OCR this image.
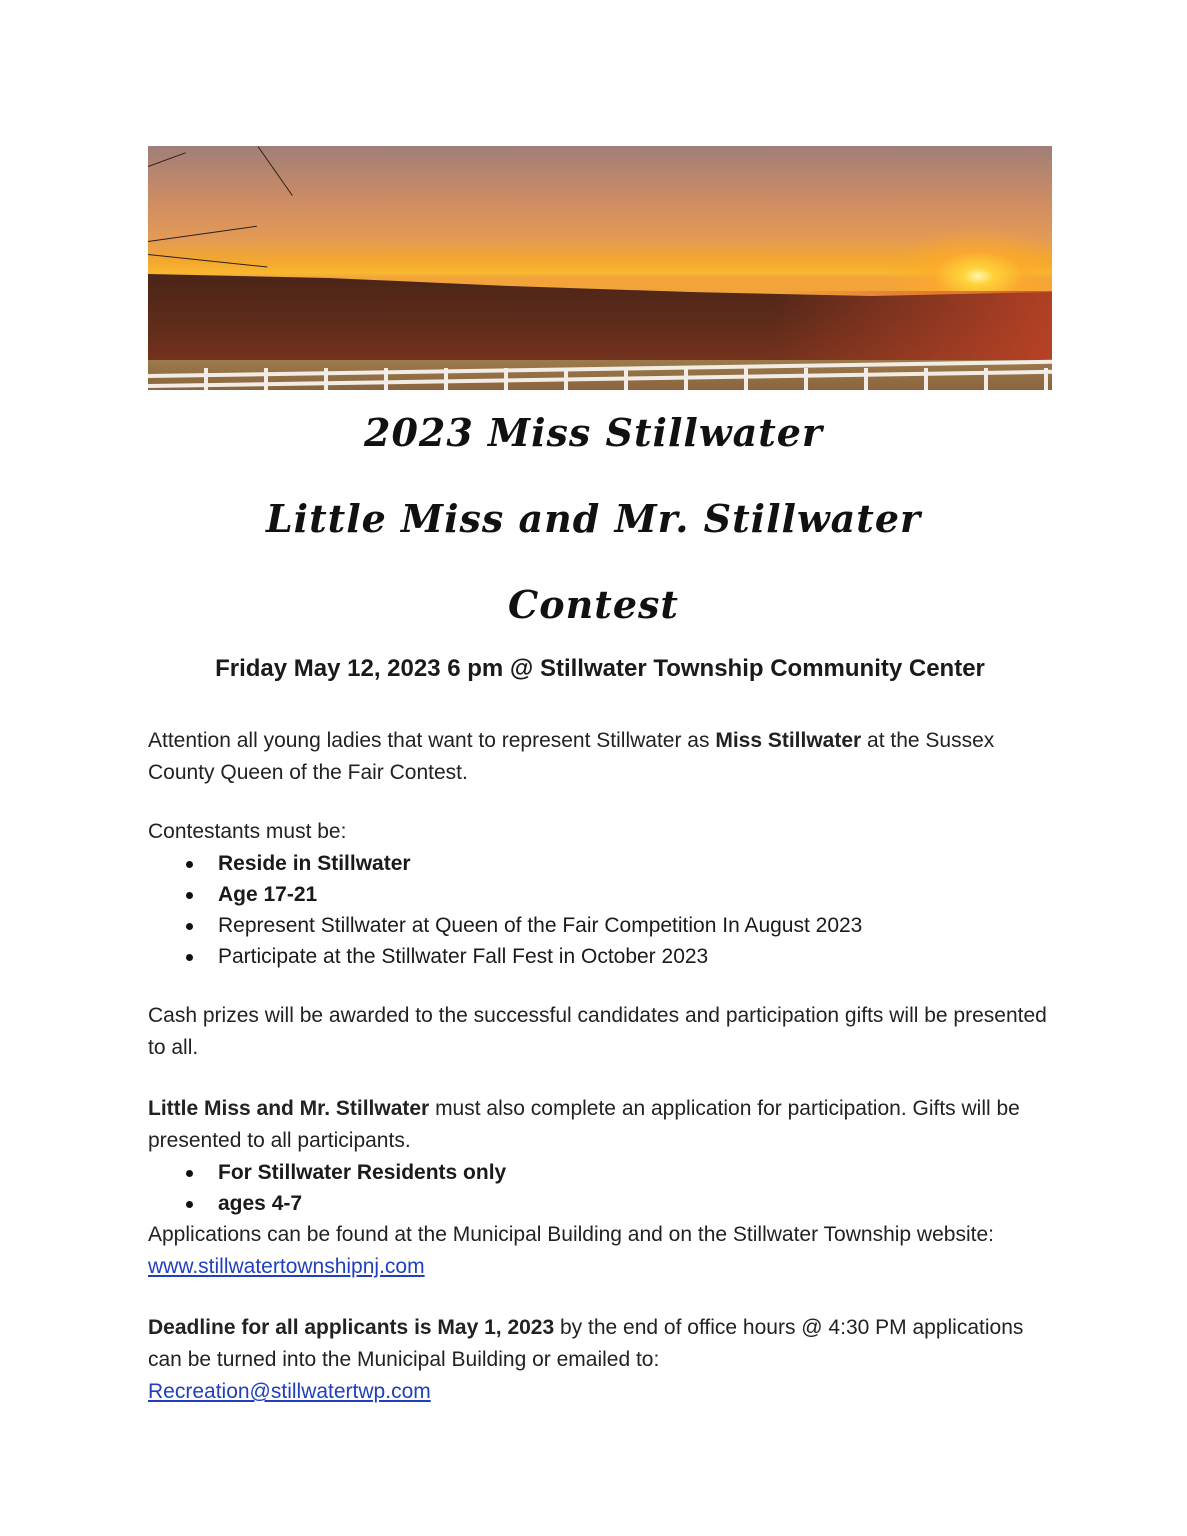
2023 Miss Stillwater
Little Miss and Mr. Stillwater
Contest
Friday May 12, 2023 6 pm @ Stillwater Township Community Center
Attention all young ladies that want to represent Stillwater as Miss Stillwater at the Sussex County Queen of the Fair Contest.
Contestants must be:
Reside in Stillwater
Age 17-21
Represent Stillwater at Queen of the Fair Competition In August 2023
Participate at the Stillwater Fall Fest in October 2023
Cash prizes will be awarded to the successful candidates and participation gifts will be presented to all.
Little Miss and Mr. Stillwater must also complete an application for participation. Gifts will be presented to all participants.
For Stillwater Residents only
ages 4-7
Applications can be found at the Municipal Building and on the Stillwater Township website: www.stillwatertownshipnj.com
Deadline for all applicants is May 1, 2023 by the end of office hours @ 4:30 PM applications can be turned into the Municipal Building or emailed to:
Recreation@stillwatertwp.com
